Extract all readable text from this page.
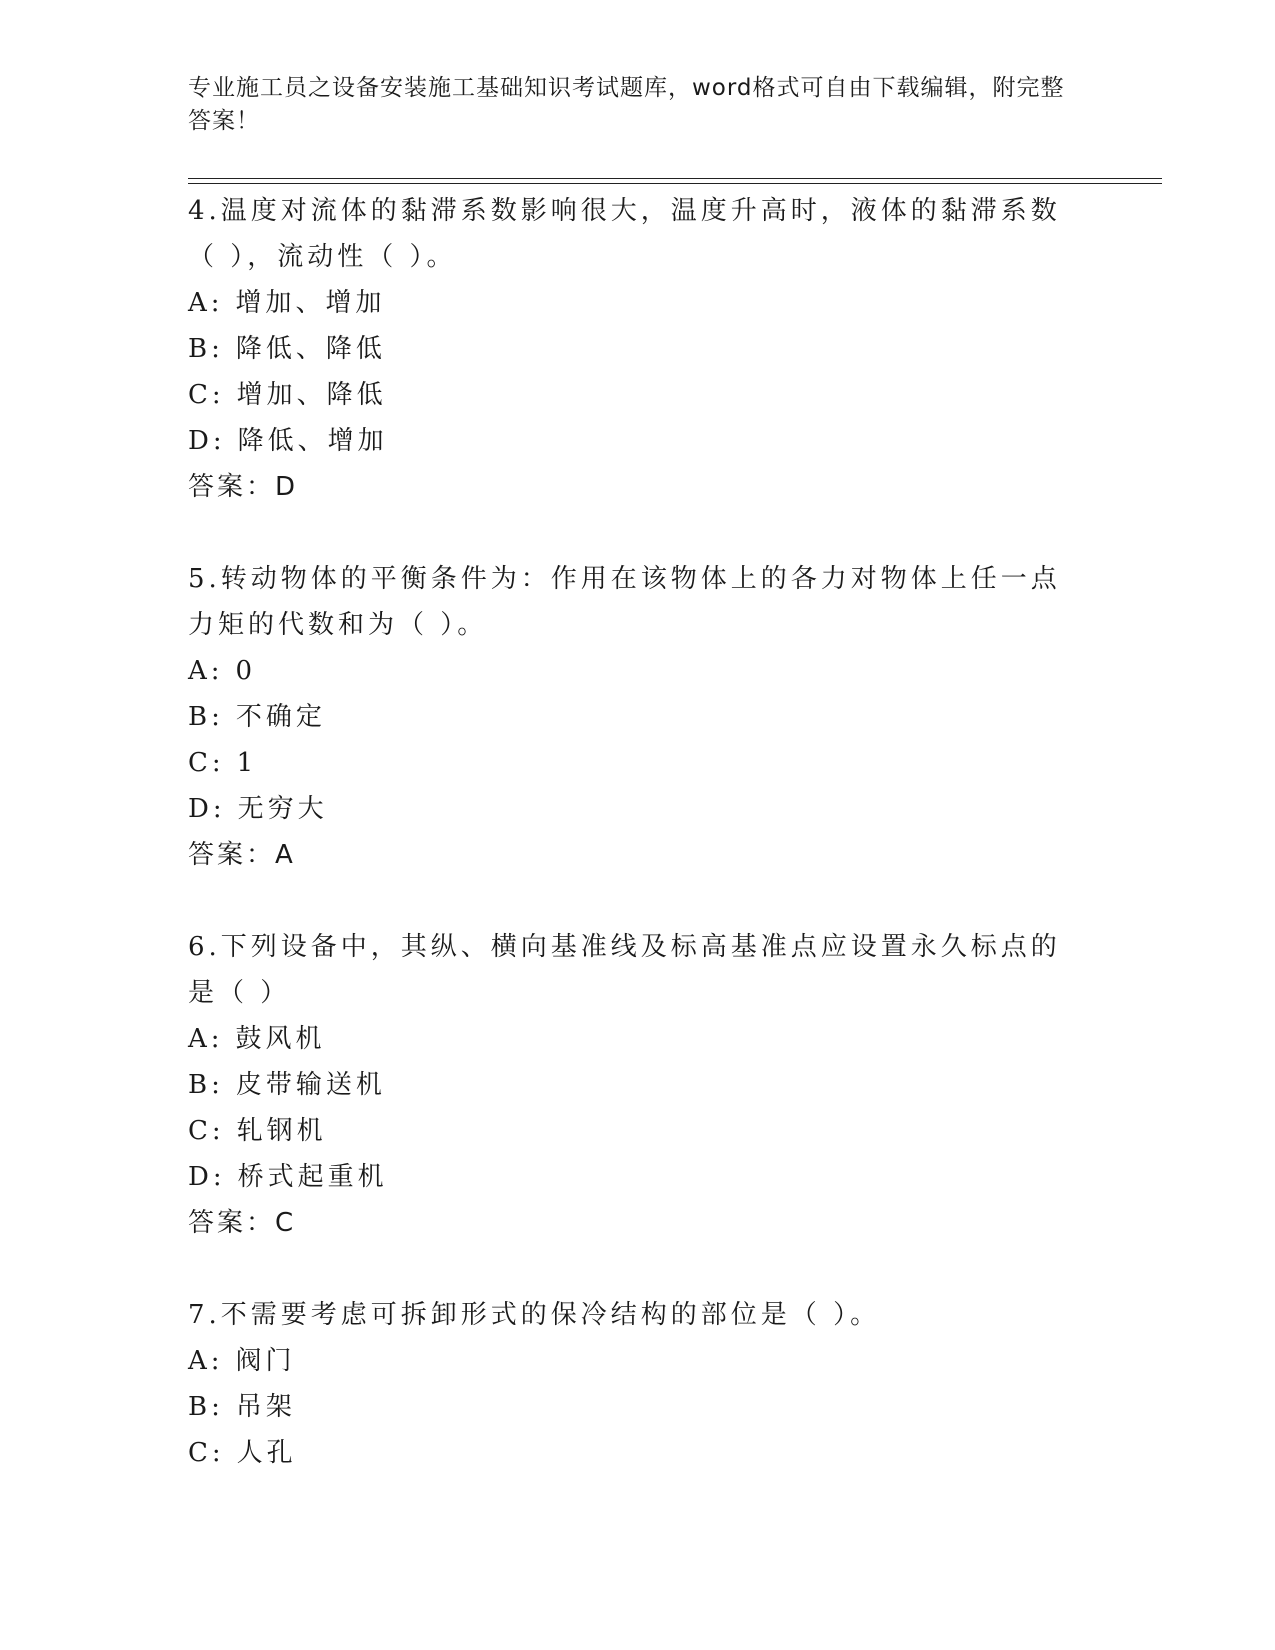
专业施工员之设备安装施工基础知识考试题库，word格式可自由下载编辑，附完整答案！

4.温度对流体的黏滞系数影响很大，温度升高时，液体的黏滞系数（ ），流动性（ ）。

A: 增加、增加

B: 降低、降低

C: 增加、降低

D: 降低、增加

答案：D

5.转动物体的平衡条件为：作用在该物体上的各力对物体上任一点力矩的代数和为（ ）。

A: 0

B: 不确定

C: 1

D: 无穷大

答案：A

6.下列设备中，其纵、横向基准线及标高基准点应设置永久标点的是（ ）

A: 鼓风机

B: 皮带输送机

C: 轧钢机

D: 桥式起重机

答案：C

7.不需要考虑可拆卸形式的保冷结构的部位是（ ）。

A: 阀门

B: 吊架

C: 人孔
